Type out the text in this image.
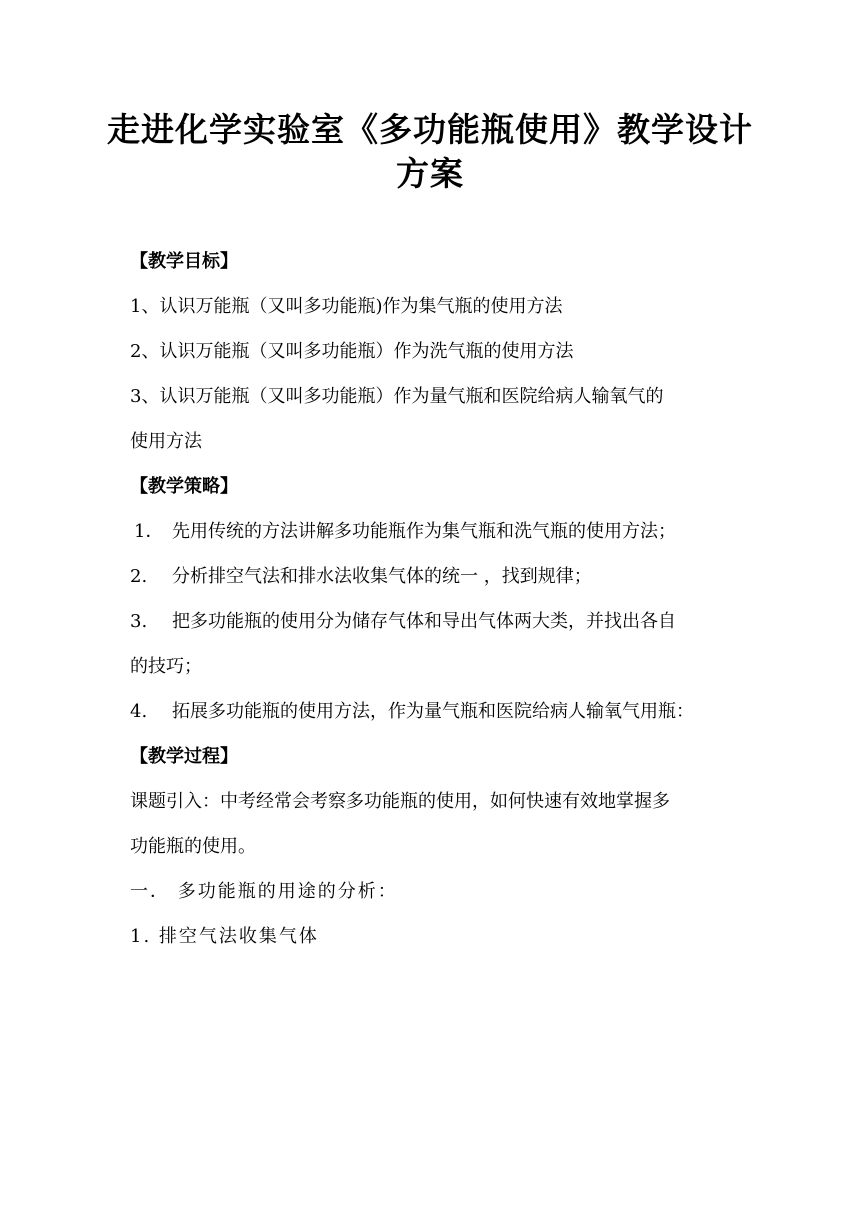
走进化学实验室《多功能瓶使用》教学设计
方案

【教学目标】

1、认识万能瓶（又叫多功能瓶)作为集气瓶的使用方法

2、认识万能瓶（又叫多功能瓶）作为洗气瓶的使用方法

3、认识万能瓶（又叫多功能瓶）作为量气瓶和医院给病人输氧气的

使用方法

【教学策略】

1． 先用传统的方法讲解多功能瓶作为集气瓶和洗气瓶的使用方法；

2. 分析排空气法和排水法收集气体的统一 ，找到规律；

3. 把多功能瓶的使用分为储存气体和导出气体两大类，并找出各自

的技巧；

4. 拓展多功能瓶的使用方法，作为量气瓶和医院给病人输氧气用瓶：

【教学过程】

课题引入：中考经常会考察多功能瓶的使用，如何快速有效地掌握多

功能瓶的使用。

一． 多功能瓶的用途的分析：

1. 排空气法收集气体
